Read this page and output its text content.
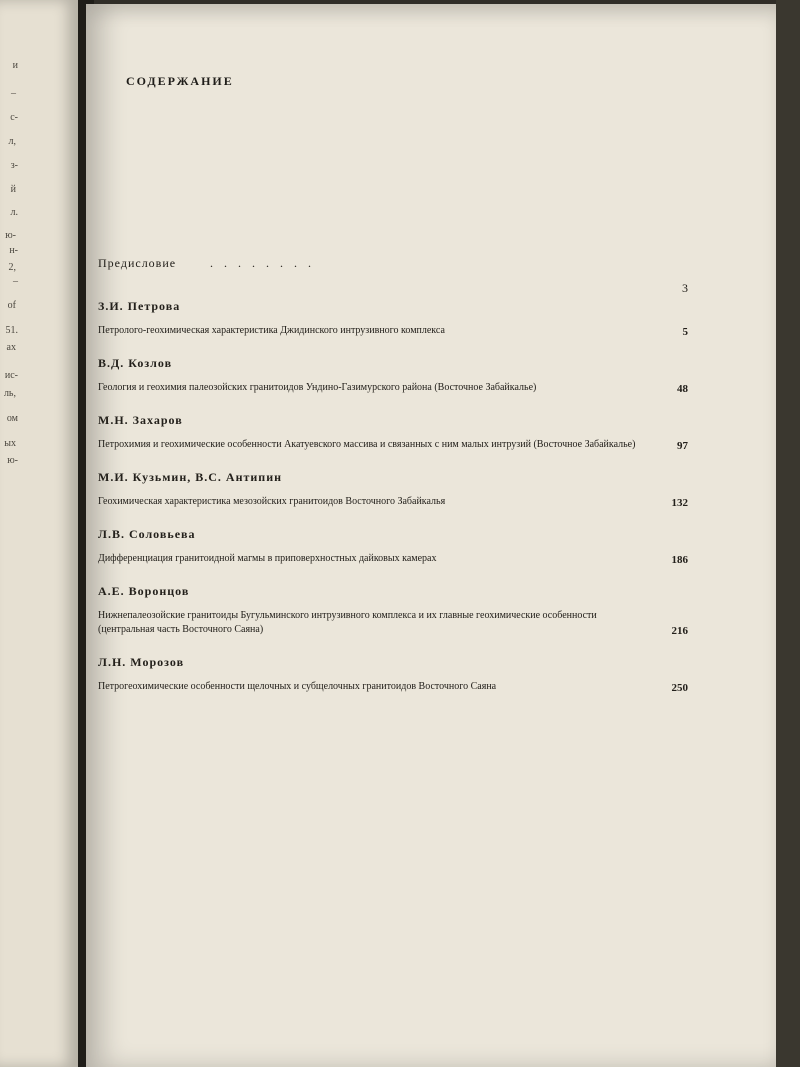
и
–
с-
л,
з-
й
л.
ю-
н-
2,
–
of
51.
ах
ис-
ль,
ом
ых
ю-
СОДЕРЖАНИЕ
Предисловие	. . . . . . . .
3
З.И. Петрова
Петролого-геохимическая характеристика Джидинского интрузивного комплекса	5
В.Д. Козлов
Геология и геохимия палеозойских гранитоидов Ундино-Газимурского района (Восточное Забайкалье)	48
М.Н. Захаров
Петрохимия и геохимические особенности Акатуевского массива и связанных с ним малых интрузий (Восточное Забайкалье)	97
М.И. Кузьмин, В.С. Антипин
Геохимическая характеристика мезозойских гранитоидов Восточного Забайкалья	132
Л.В. Соловьева
Дифференциация гранитоидной магмы в приповерхностных дайковых камерах	186
А.Е. Воронцов
Нижнепалеозойские гранитоиды Бугульминского интрузивного комплекса и их главные геохимические особенности (центральная часть Восточного Саяна)	216
Л.Н. Морозов
Петрогеохимические особенности щелочных и субщелочных гранитоидов Восточного Саяна	250
